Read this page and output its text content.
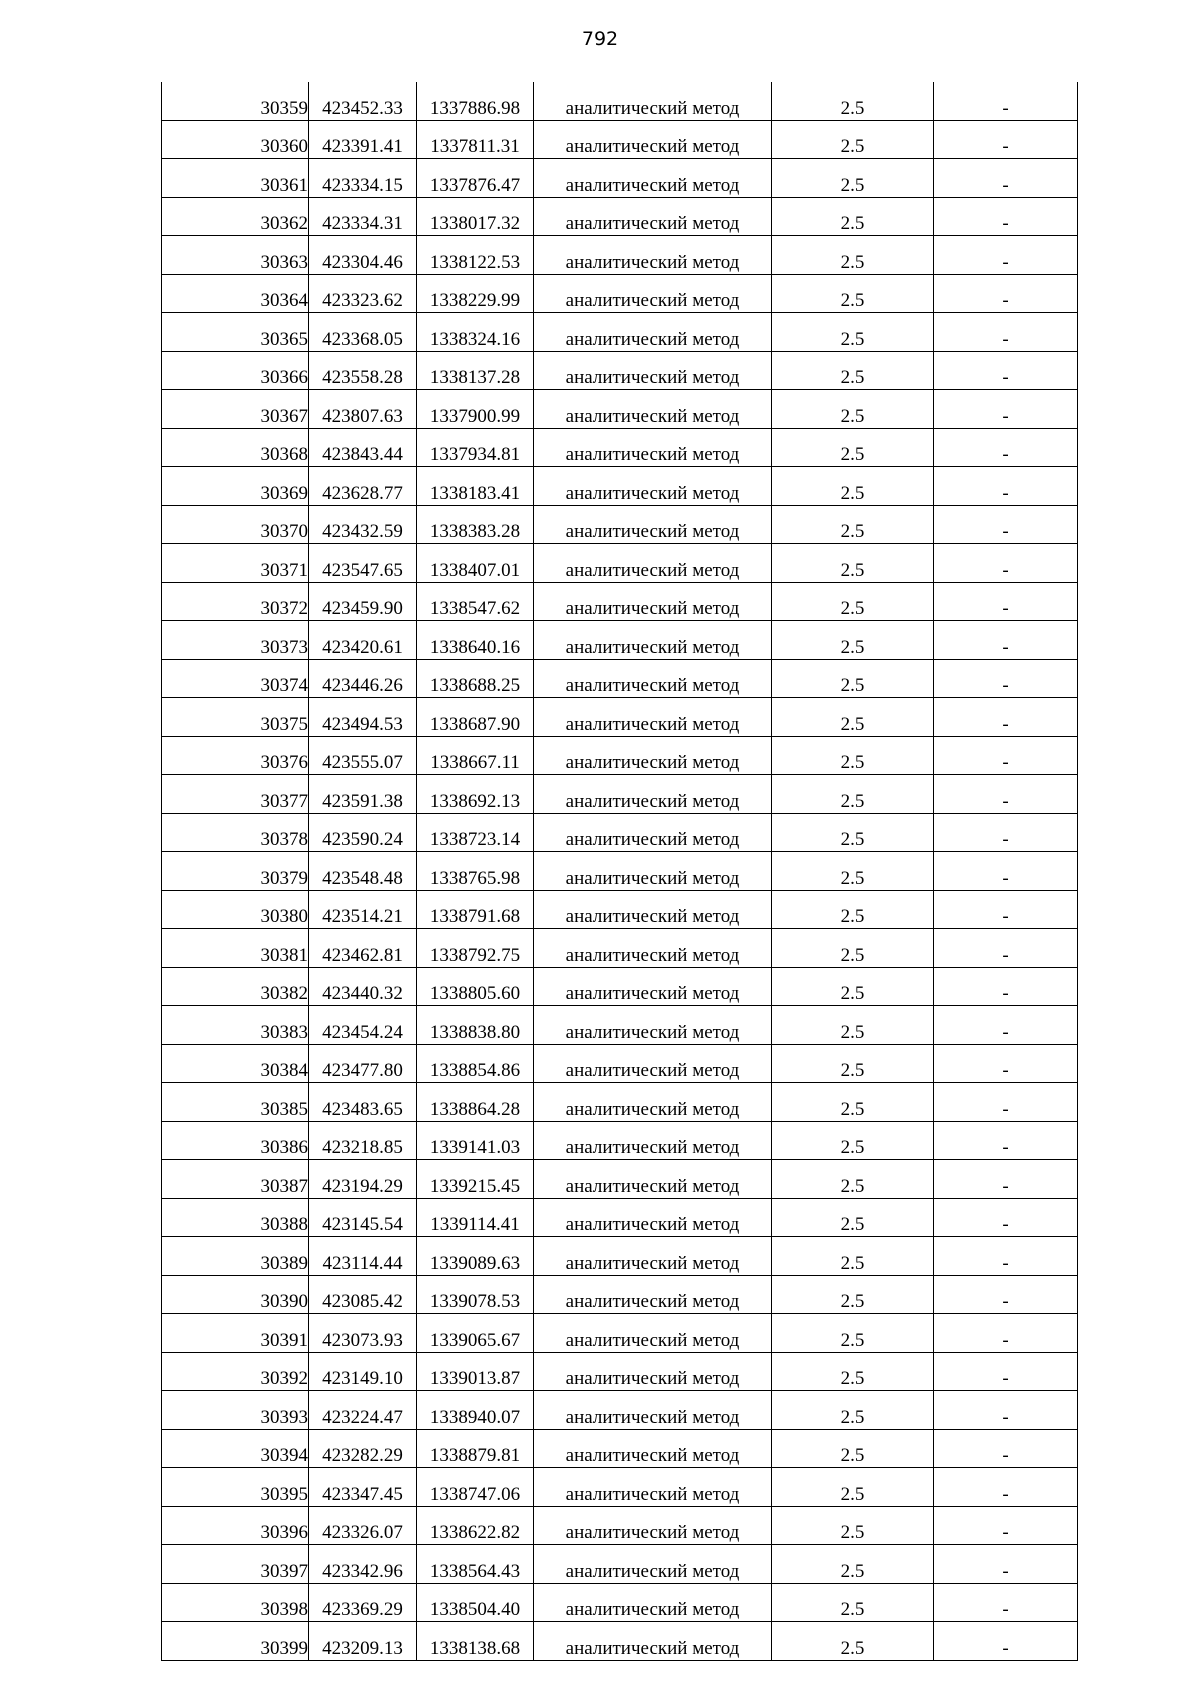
792
30359	423452.33	1337886.98	аналитический метод	2.5	-
30360	423391.41	1337811.31	аналитический метод	2.5	-
30361	423334.15	1337876.47	аналитический метод	2.5	-
30362	423334.31	1338017.32	аналитический метод	2.5	-
30363	423304.46	1338122.53	аналитический метод	2.5	-
30364	423323.62	1338229.99	аналитический метод	2.5	-
30365	423368.05	1338324.16	аналитический метод	2.5	-
30366	423558.28	1338137.28	аналитический метод	2.5	-
30367	423807.63	1337900.99	аналитический метод	2.5	-
30368	423843.44	1337934.81	аналитический метод	2.5	-
30369	423628.77	1338183.41	аналитический метод	2.5	-
30370	423432.59	1338383.28	аналитический метод	2.5	-
30371	423547.65	1338407.01	аналитический метод	2.5	-
30372	423459.90	1338547.62	аналитический метод	2.5	-
30373	423420.61	1338640.16	аналитический метод	2.5	-
30374	423446.26	1338688.25	аналитический метод	2.5	-
30375	423494.53	1338687.90	аналитический метод	2.5	-
30376	423555.07	1338667.11	аналитический метод	2.5	-
30377	423591.38	1338692.13	аналитический метод	2.5	-
30378	423590.24	1338723.14	аналитический метод	2.5	-
30379	423548.48	1338765.98	аналитический метод	2.5	-
30380	423514.21	1338791.68	аналитический метод	2.5	-
30381	423462.81	1338792.75	аналитический метод	2.5	-
30382	423440.32	1338805.60	аналитический метод	2.5	-
30383	423454.24	1338838.80	аналитический метод	2.5	-
30384	423477.80	1338854.86	аналитический метод	2.5	-
30385	423483.65	1338864.28	аналитический метод	2.5	-
30386	423218.85	1339141.03	аналитический метод	2.5	-
30387	423194.29	1339215.45	аналитический метод	2.5	-
30388	423145.54	1339114.41	аналитический метод	2.5	-
30389	423114.44	1339089.63	аналитический метод	2.5	-
30390	423085.42	1339078.53	аналитический метод	2.5	-
30391	423073.93	1339065.67	аналитический метод	2.5	-
30392	423149.10	1339013.87	аналитический метод	2.5	-
30393	423224.47	1338940.07	аналитический метод	2.5	-
30394	423282.29	1338879.81	аналитический метод	2.5	-
30395	423347.45	1338747.06	аналитический метод	2.5	-
30396	423326.07	1338622.82	аналитический метод	2.5	-
30397	423342.96	1338564.43	аналитический метод	2.5	-
30398	423369.29	1338504.40	аналитический метод	2.5	-
30399	423209.13	1338138.68	аналитический метод	2.5	-
